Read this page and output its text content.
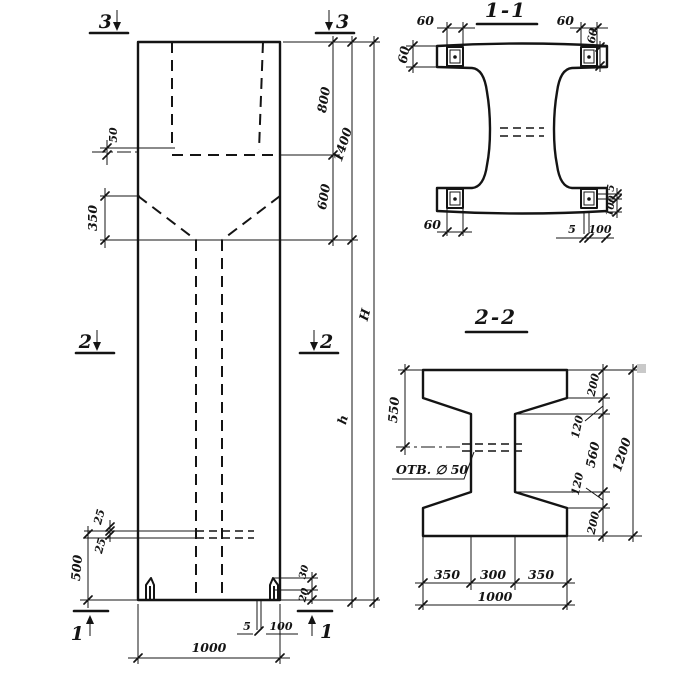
50
350
800
600
1400
H
h
25
25
500	30
20
5 100
1000
3	3
2	2
1	1
1-1
60	60
60
60
60	5 100
5
100
2-2
ОТВ. ∅ 50
550
200
120
560
120
200
1200
350 300 350
1000
